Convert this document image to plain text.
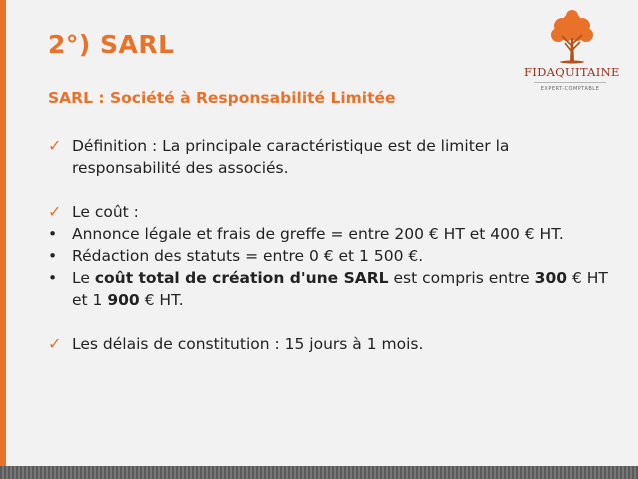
2°) SARL
SARL : Société à Responsabilité Limitée
FIDAQUITAINE
EXPERT-COMPTABLE
✓ Définition : La principale caractéristique est de limiter la
responsabilité des associés.
✓ Le coût :
• Annonce légale et frais de greffe = entre 200 € HT et 400 € HT.
• Rédaction des statuts = entre 0 € et 1 500 €.
• Le coût total de création d'une SARL est compris entre 300 € HT
et 1 900 € HT.
✓ Les délais de constitution : 15 jours à 1 mois.
